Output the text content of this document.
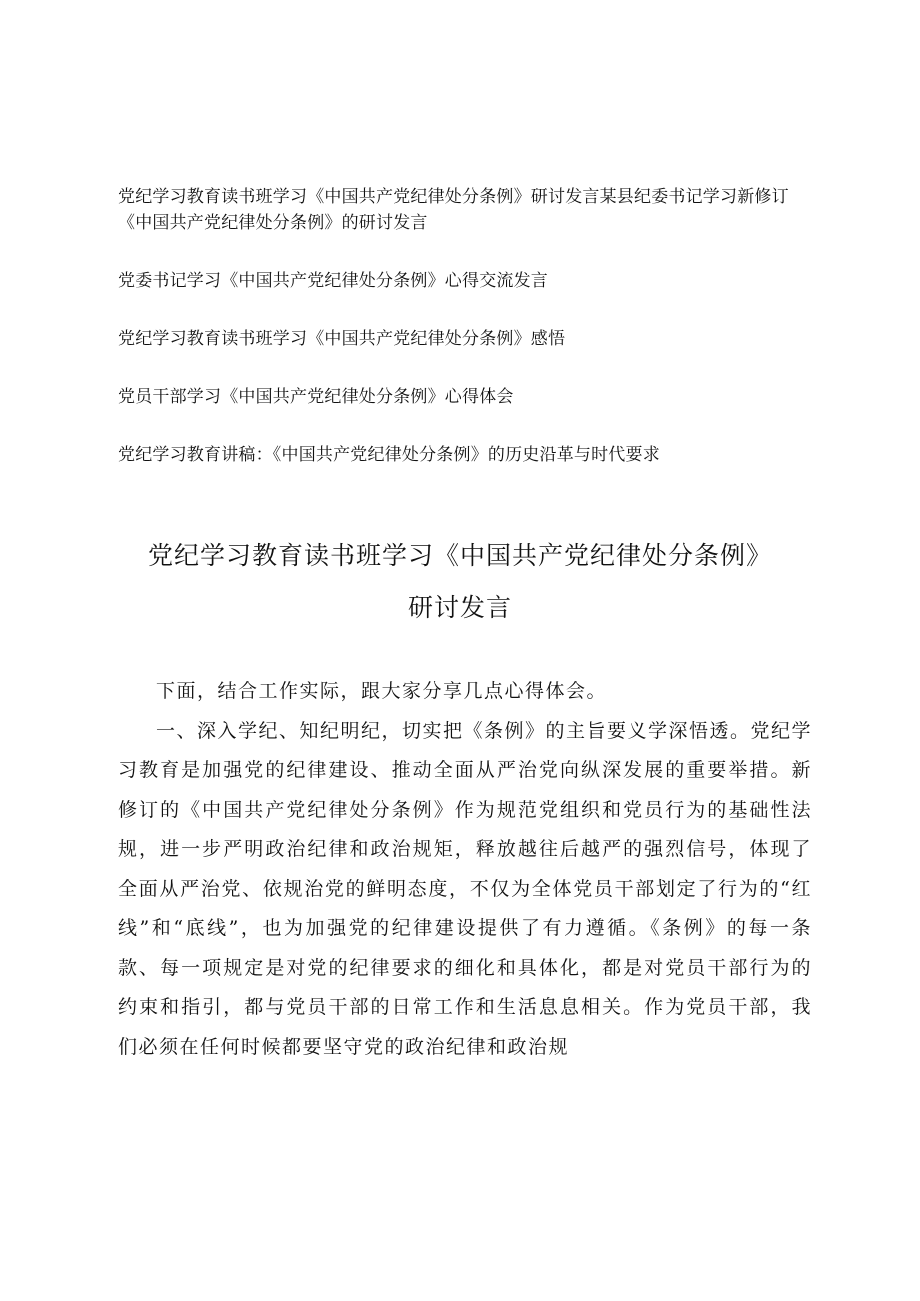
党纪学习教育读书班学习《中国共产党纪律处分条例》研讨发言某县纪委书记学习新修订《中国共产党纪律处分条例》的研讨发言

党委书记学习《中国共产党纪律处分条例》心得交流发言

党纪学习教育读书班学习《中国共产党纪律处分条例》感悟

党员干部学习《中国共产党纪律处分条例》心得体会

党纪学习教育讲稿：《中国共产党纪律处分条例》的历史沿革与时代要求

党纪学习教育读书班学习《中国共产党纪律处分条例》
研讨发言

下面，结合工作实际，跟大家分享几点心得体会。

一、深入学纪、知纪明纪，切实把《条例》的主旨要义学深悟透。党纪学习教育是加强党的纪律建设、推动全面从严治党向纵深发展的重要举措。新修订的《中国共产党纪律处分条例》作为规范党组织和党员行为的基础性法规，进一步严明政治纪律和政治规矩，释放越往后越严的强烈信号，体现了全面从严治党、依规治党的鲜明态度，不仅为全体党员干部划定了行为的“红线”和“底线”，也为加强党的纪律建设提供了有力遵循。《条例》的每一条款、每一项规定是对党的纪律要求的细化和具体化，都是对党员干部行为的约束和指引，都与党员干部的日常工作和生活息息相关。作为党员干部，我们必须在任何时候都要坚守党的政治纪律和政治规
